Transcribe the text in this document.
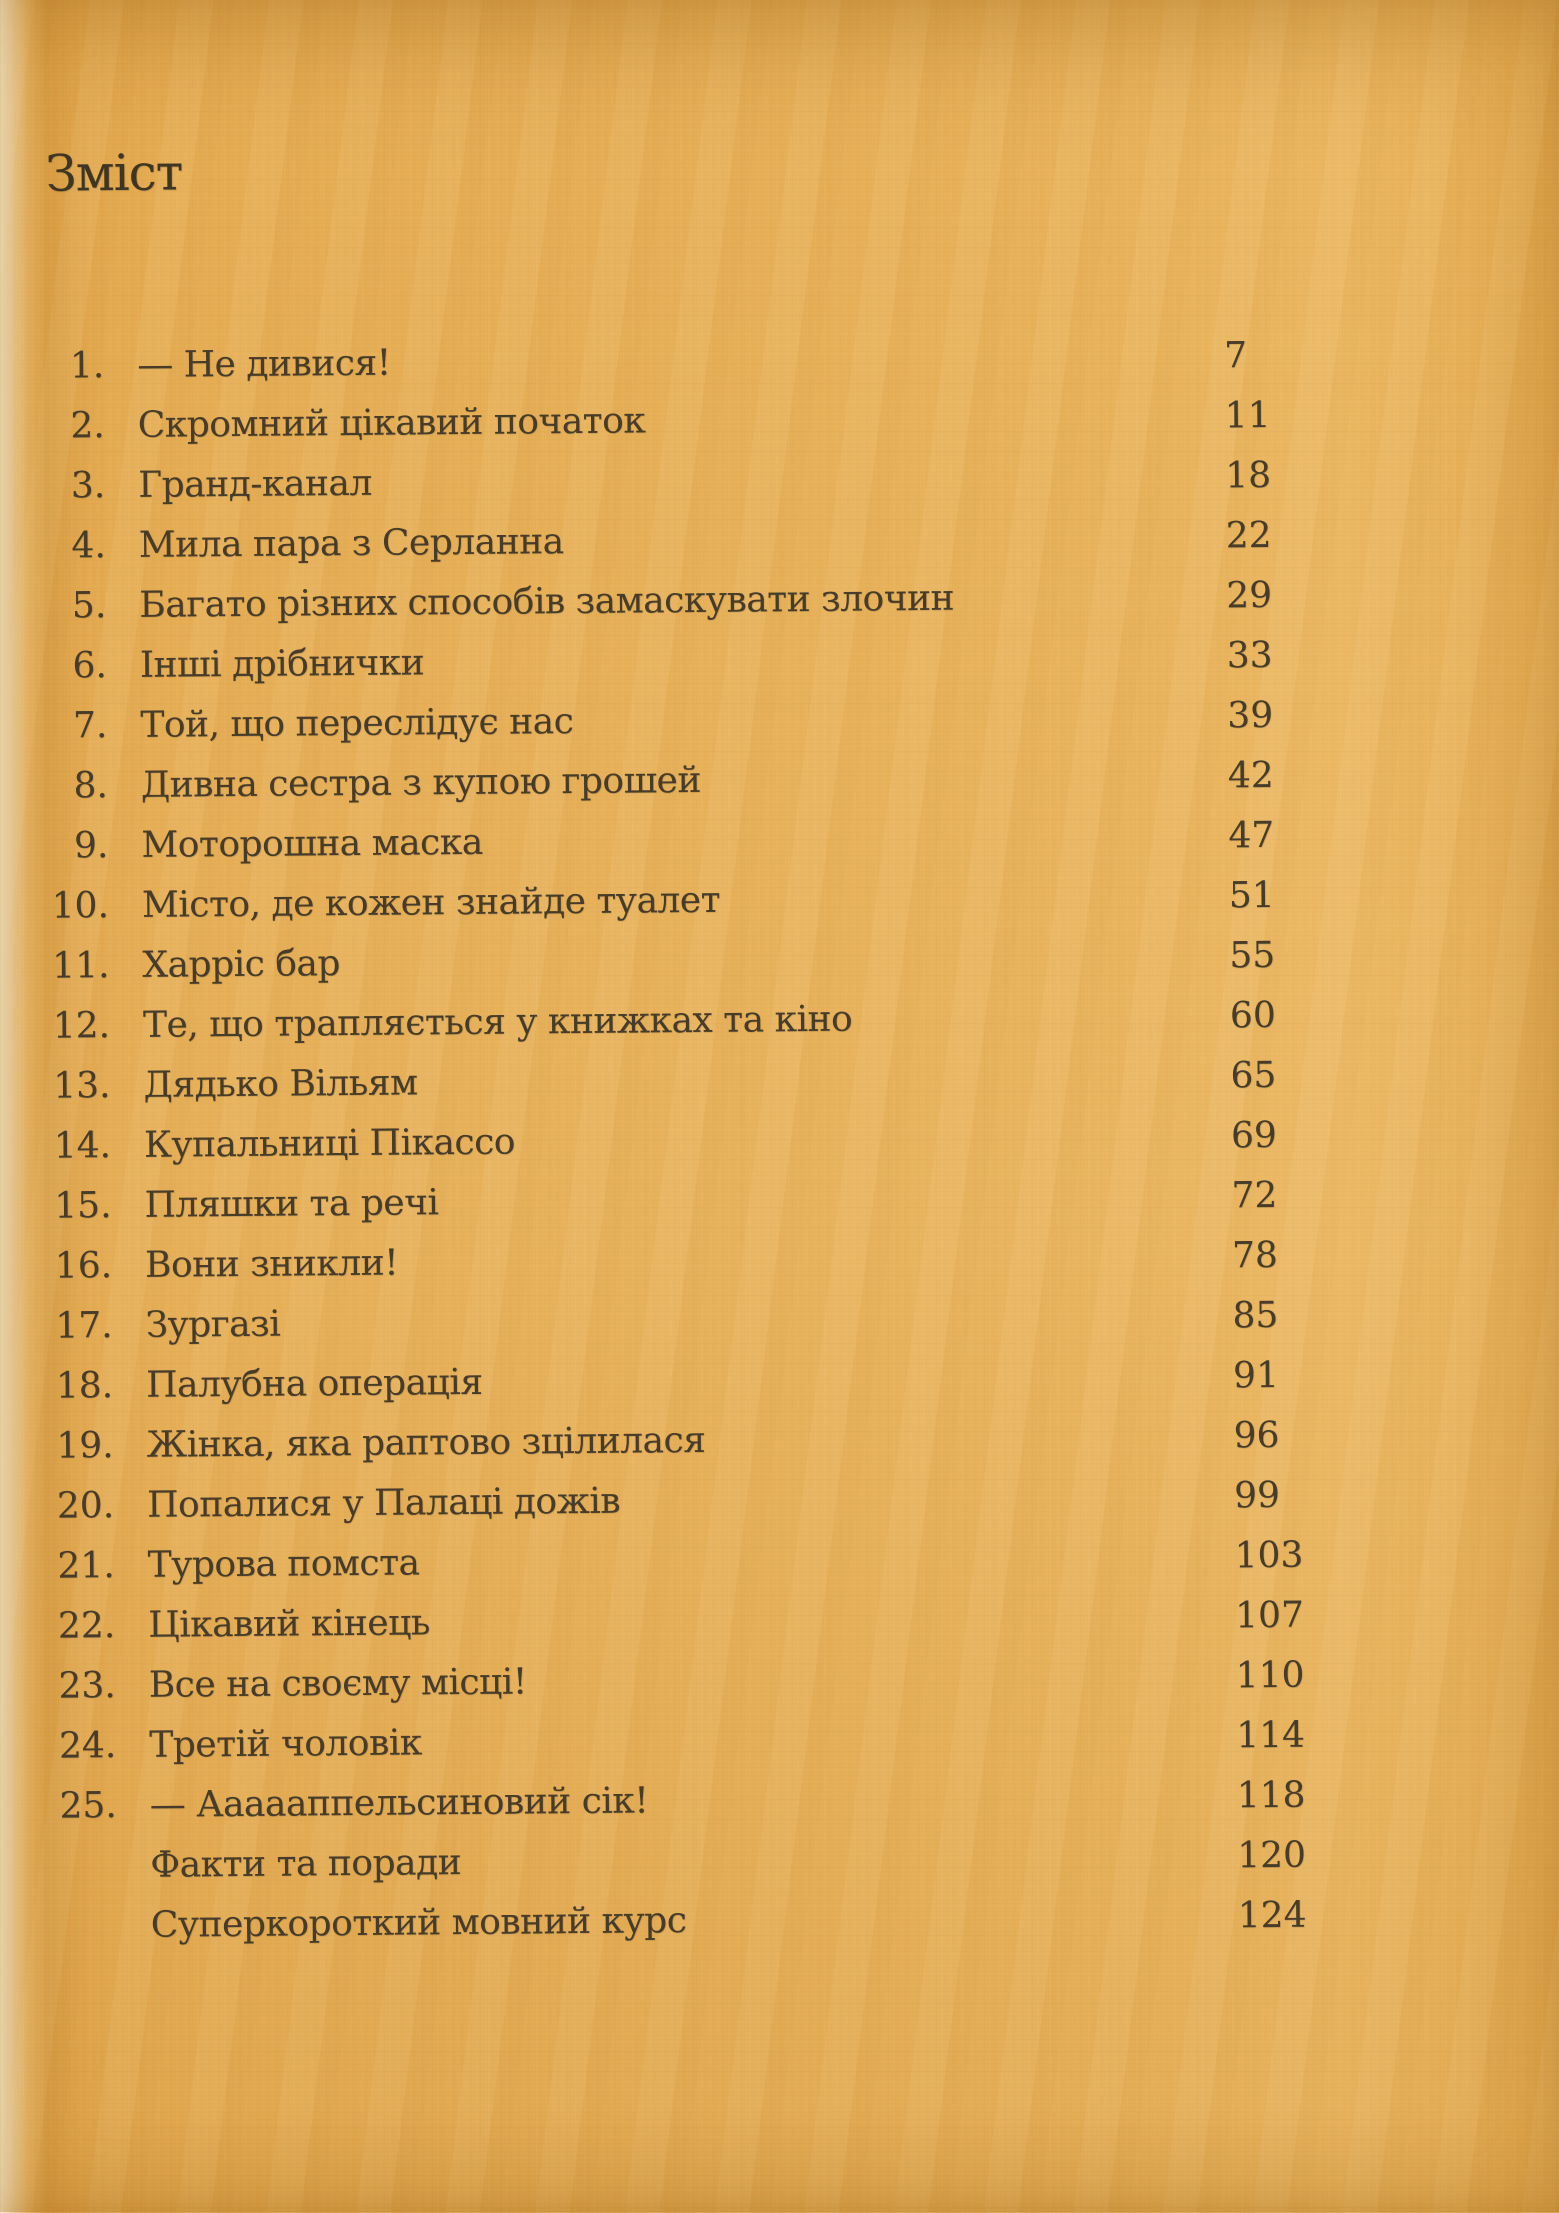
Зміст
1. — Не дивися!	7
2. Скромний цікавий початок	11
3. Гранд-канал	18
4. Мила пара з Серланна	22
5. Багато різних способів замаскувати злочин	29
6. Інші дрібнички	33
7. Той, що переслідує нас	39
8. Дивна сестра з купою грошей	42
9. Моторошна маска	47
10. Місто, де кожен знайде туалет	51
11. Харріс бар	55
12. Те, що трапляється у книжках та кіно	60
13. Дядько Вільям	65
14. Купальниці Пікассо	69
15. Пляшки та речі	72
16. Вони зникли!	78
17. Зургазі	85
18. Палубна операція	91
19. Жінка, яка раптово зцілилася	96
20. Попалися у Палаці дожів	99
21. Турова помста	103
22. Цікавий кінець	107
23. Все на своєму місці!	110
24. Третій чоловік	114
25. — Аааааппельсиновий сік!	118
Факти та поради	120
Суперкороткий мовний курс	124
